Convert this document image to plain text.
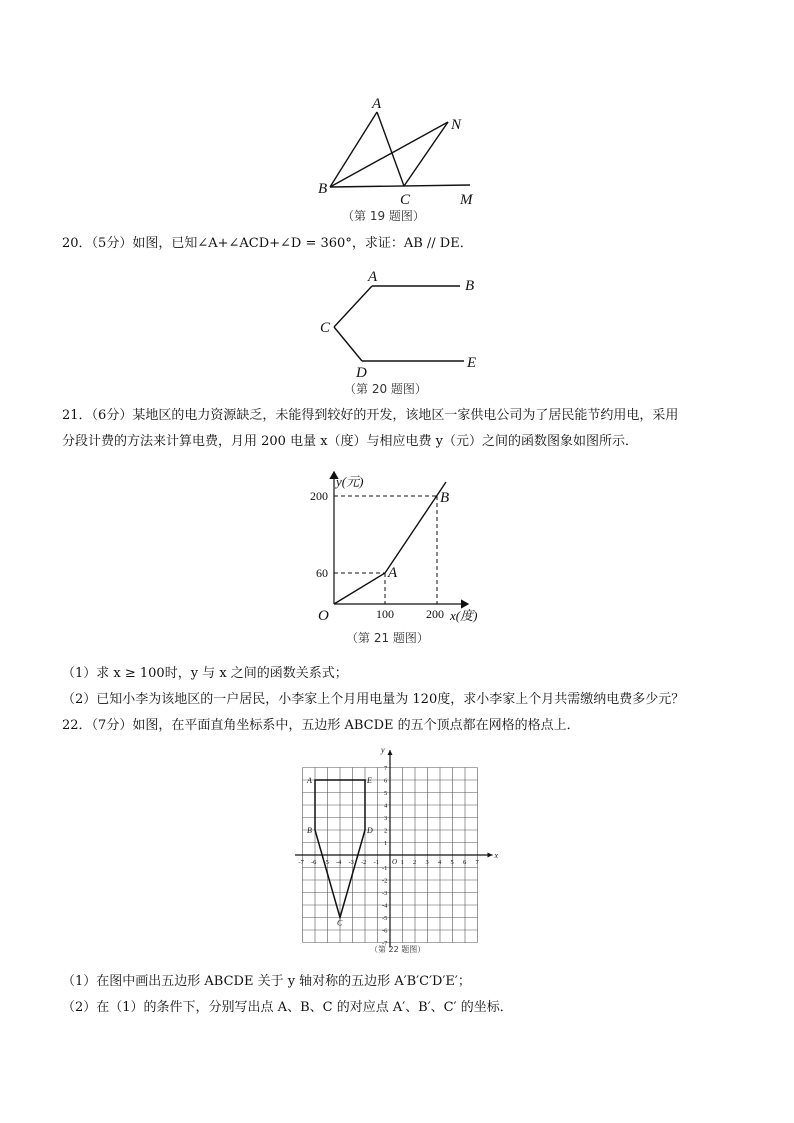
A
B
C
N
M
（第 19 题图）
20．（5分）如图，已知∠A+∠ACD+∠D = 360°，求证：AB // DE．
A
B
C
D
E
（第 20 题图）
21．（6分）某地区的电力资源缺乏，未能得到较好的开发，该地区一家供电公司为了居民能节约用电，采用
分段计费的方法来计算电费，月用 200 电量 x（度）与相应电费 y（元）之间的函数图象如图所示．
y(元)
x(度)
O
200
60
100	200
A
B
（第 21 题图）
（1）求 x ≥ 100时，y 与 x 之间的函数关系式；
（2）已知小李为该地区的一户居民，小李家上个月用电量为 120度，求小李家上个月共需缴纳电费多少元？
22．（7分）如图，在平面直角坐标系中，五边形 ABCDE 的五个顶点都在网格的格点上．
-7 -6 -5 -4 -3 -2 -1	1 2 3 4 5 6 7
7
6
5
4
3
2
1
-1
-2
-3
-4
-5
-6
-7
x
y
O
A
B
C
D
E
（第 22 题图）
（1）在图中画出五边形 ABCDE 关于 y 轴对称的五边形 A′B′C′D′E′；
（2）在（1）的条件下，分别写出点 A、B、C 的对应点 A′、B′、C′ 的坐标．
